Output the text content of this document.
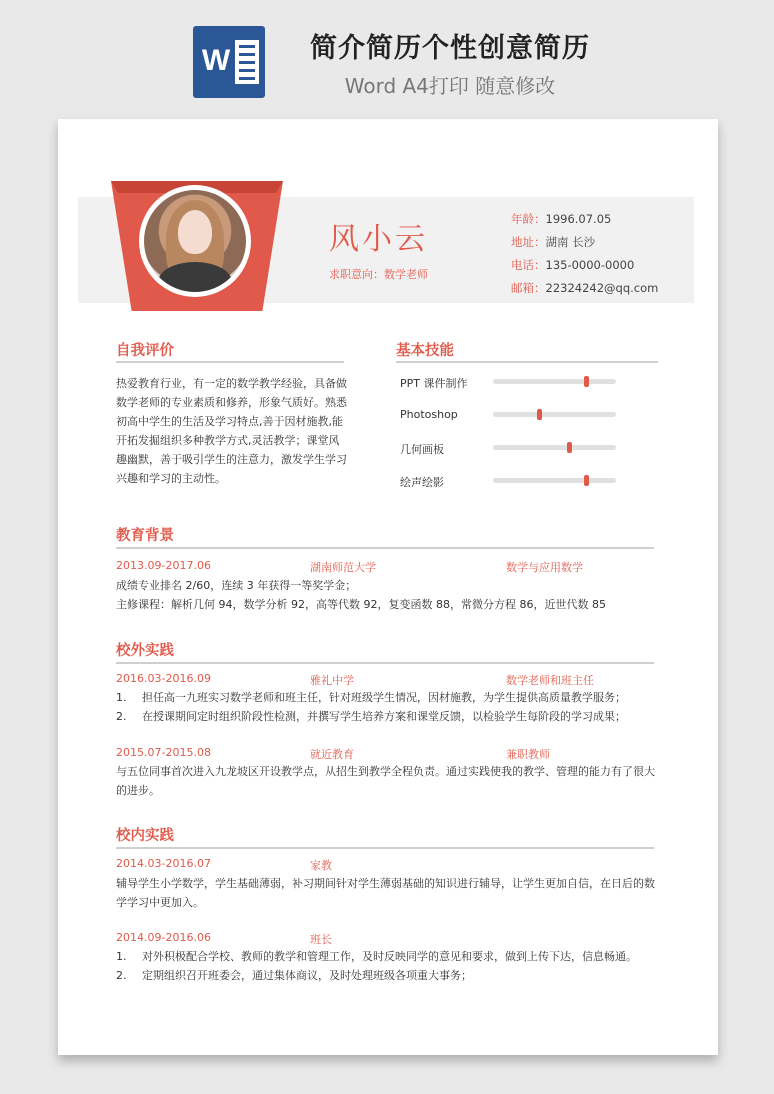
W	简介简历个性创意简历
Word A4打印 随意修改
风小云
求职意向：数学老师
年龄：1996.07.05
地址：湖南 长沙
电话：135-0000-0000
邮箱：22324242@qq.com
自我评价
热爱教育行业，有一定的数学教学经验，具备做
数学老师的专业素质和修养，形象气质好。熟悉
初高中学生的生活及学习特点,善于因材施教,能
开拓发掘组织多种教学方式,灵活教学；课堂风
趣幽默，善于吸引学生的注意力，激发学生学习
兴趣和学习的主动性。
基本技能
PPT 课件制作
Photoshop
几何画板
绘声绘影
教育背景
2013.09-2017.06	湖南师范大学	数学与应用数学
成绩专业排名 2/60，连续 3 年获得一等奖学金；
主修课程：解析几何 94，数学分析 92，高等代数 92，复变函数 88，常微分方程 86，近世代数 85
校外实践
2016.03-2016.09	雅礼中学	数学老师和班主任
1. 担任高一九班实习数学老师和班主任，针对班级学生情况，因材施教，为学生提供高质量教学服务；
2. 在授课期间定时组织阶段性检测，并撰写学生培养方案和课堂反馈，以检验学生每阶段的学习成果；
2015.07-2015.08	就近教育	兼职教师
与五位同事首次进入九龙坡区开设教学点，从招生到教学全程负责。通过实践使我的教学、管理的能力有了很大
的进步。
校内实践
2014.03-2016.07	家教
辅导学生小学数学，学生基础薄弱，补习期间针对学生薄弱基础的知识进行辅导，让学生更加自信，在日后的数
学学习中更加入。
2014.09-2016.06	班长
1. 对外积极配合学校、教师的教学和管理工作，及时反映同学的意见和要求，做到上传下达，信息畅通。
2. 定期组织召开班委会，通过集体商议，及时处理班级各项重大事务；
